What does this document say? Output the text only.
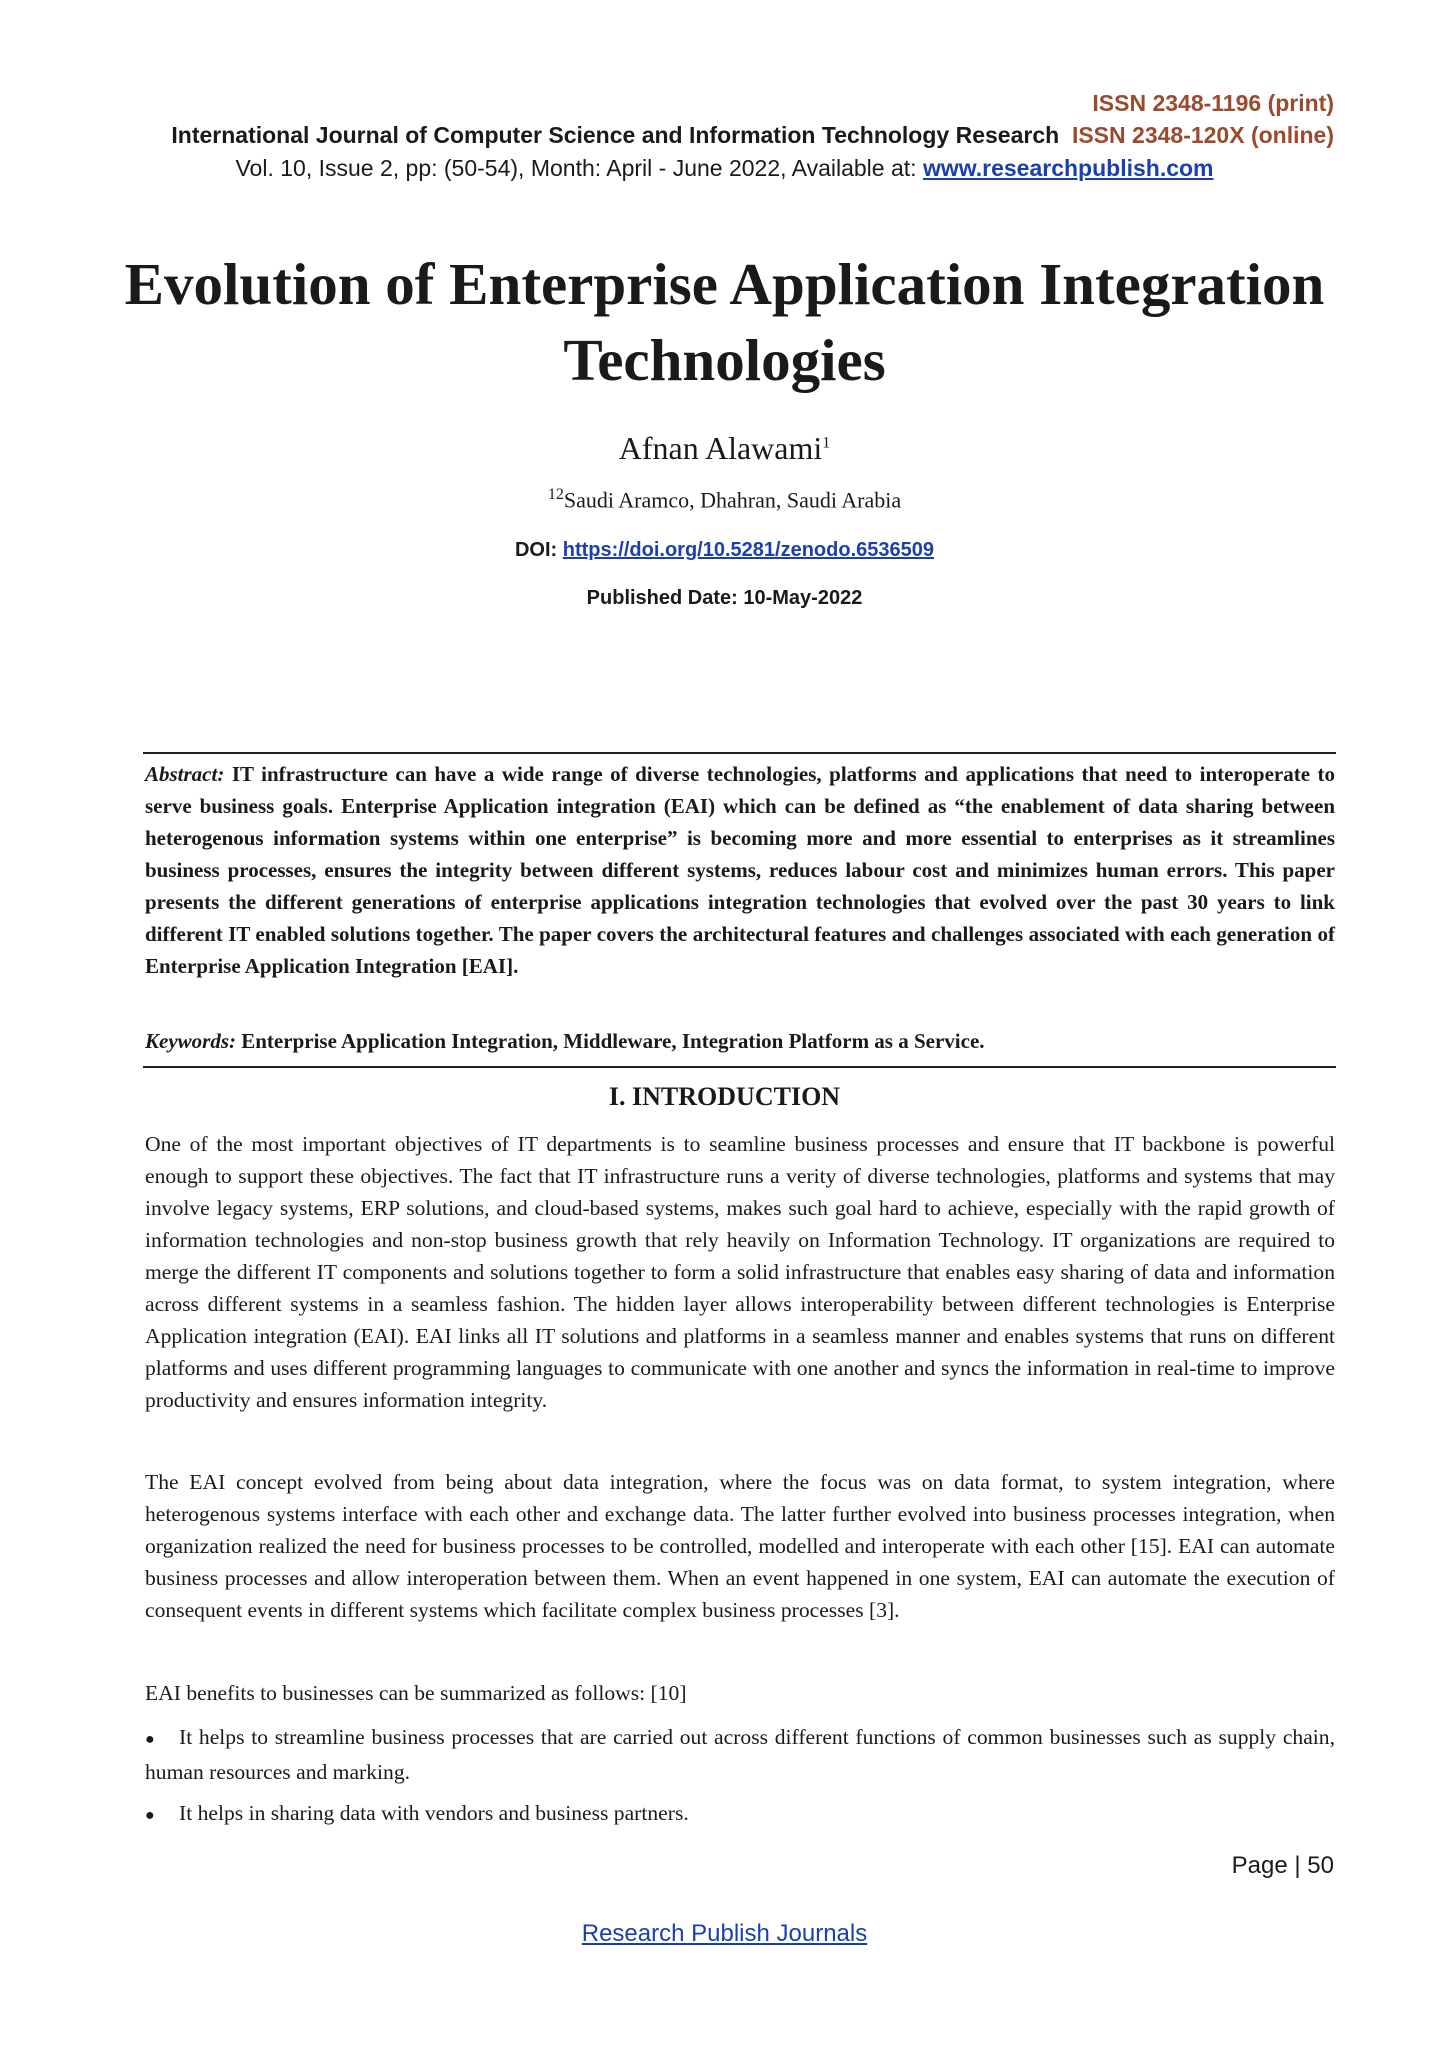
ISSN 2348-1196 (print)
International Journal of Computer Science and Information Technology Research ISSN 2348-120X (online)
Vol. 10, Issue 2, pp: (50-54), Month: April - June 2022, Available at: www.researchpublish.com
Evolution of Enterprise Application Integration Technologies
Afnan Alawami$^1$
$^{12}$Saudi Aramco, Dhahran, Saudi Arabia
DOI: https://doi.org/10.5281/zenodo.6536509
Published Date: 10-May-2022
Abstract: IT infrastructure can have a wide range of diverse technologies, platforms and applications that need to interoperate to serve business goals. Enterprise Application integration (EAI) which can be defined as “the enablement of data sharing between heterogenous information systems within one enterprise” is becoming more and more essential to enterprises as it streamlines business processes, ensures the integrity between different systems, reduces labour cost and minimizes human errors. This paper presents the different generations of enterprise applications integration technologies that evolved over the past 30 years to link different IT enabled solutions together. The paper covers the architectural features and challenges associated with each generation of Enterprise Application Integration [EAI].
Keywords: Enterprise Application Integration, Middleware, Integration Platform as a Service.
I. INTRODUCTION

One of the most important objectives of IT departments is to seamline business processes and ensure that IT backbone is powerful enough to support these objectives. The fact that IT infrastructure runs a verity of diverse technologies, platforms and systems that may involve legacy systems, ERP solutions, and cloud-based systems, makes such goal hard to achieve, especially with the rapid growth of information technologies and non-stop business growth that rely heavily on Information Technology. IT organizations are required to merge the different IT components and solutions together to form a solid infrastructure that enables easy sharing of data and information across different systems in a seamless fashion. The hidden layer allows interoperability between different technologies is Enterprise Application integration (EAI). EAI links all IT solutions and platforms in a seamless manner and enables systems that runs on different platforms and uses different programming languages to communicate with one another and syncs the information in real-time to improve productivity and ensures information integrity.

The EAI concept evolved from being about data integration, where the focus was on data format, to system integration, where heterogenous systems interface with each other and exchange data. The latter further evolved into business processes integration, when organization realized the need for business processes to be controlled, modelled and interoperate with each other [15]. EAI can automate business processes and allow interoperation between them. When an event happened in one system, EAI can automate the execution of consequent events in different systems which facilitate complex business processes [3].

EAI benefits to businesses can be summarized as follows: [10]

● It helps to streamline business processes that are carried out across different functions of common businesses such as supply chain, human resources and marking.
● It helps in sharing data with vendors and business partners.
Page | 50
Research Publish Journals
